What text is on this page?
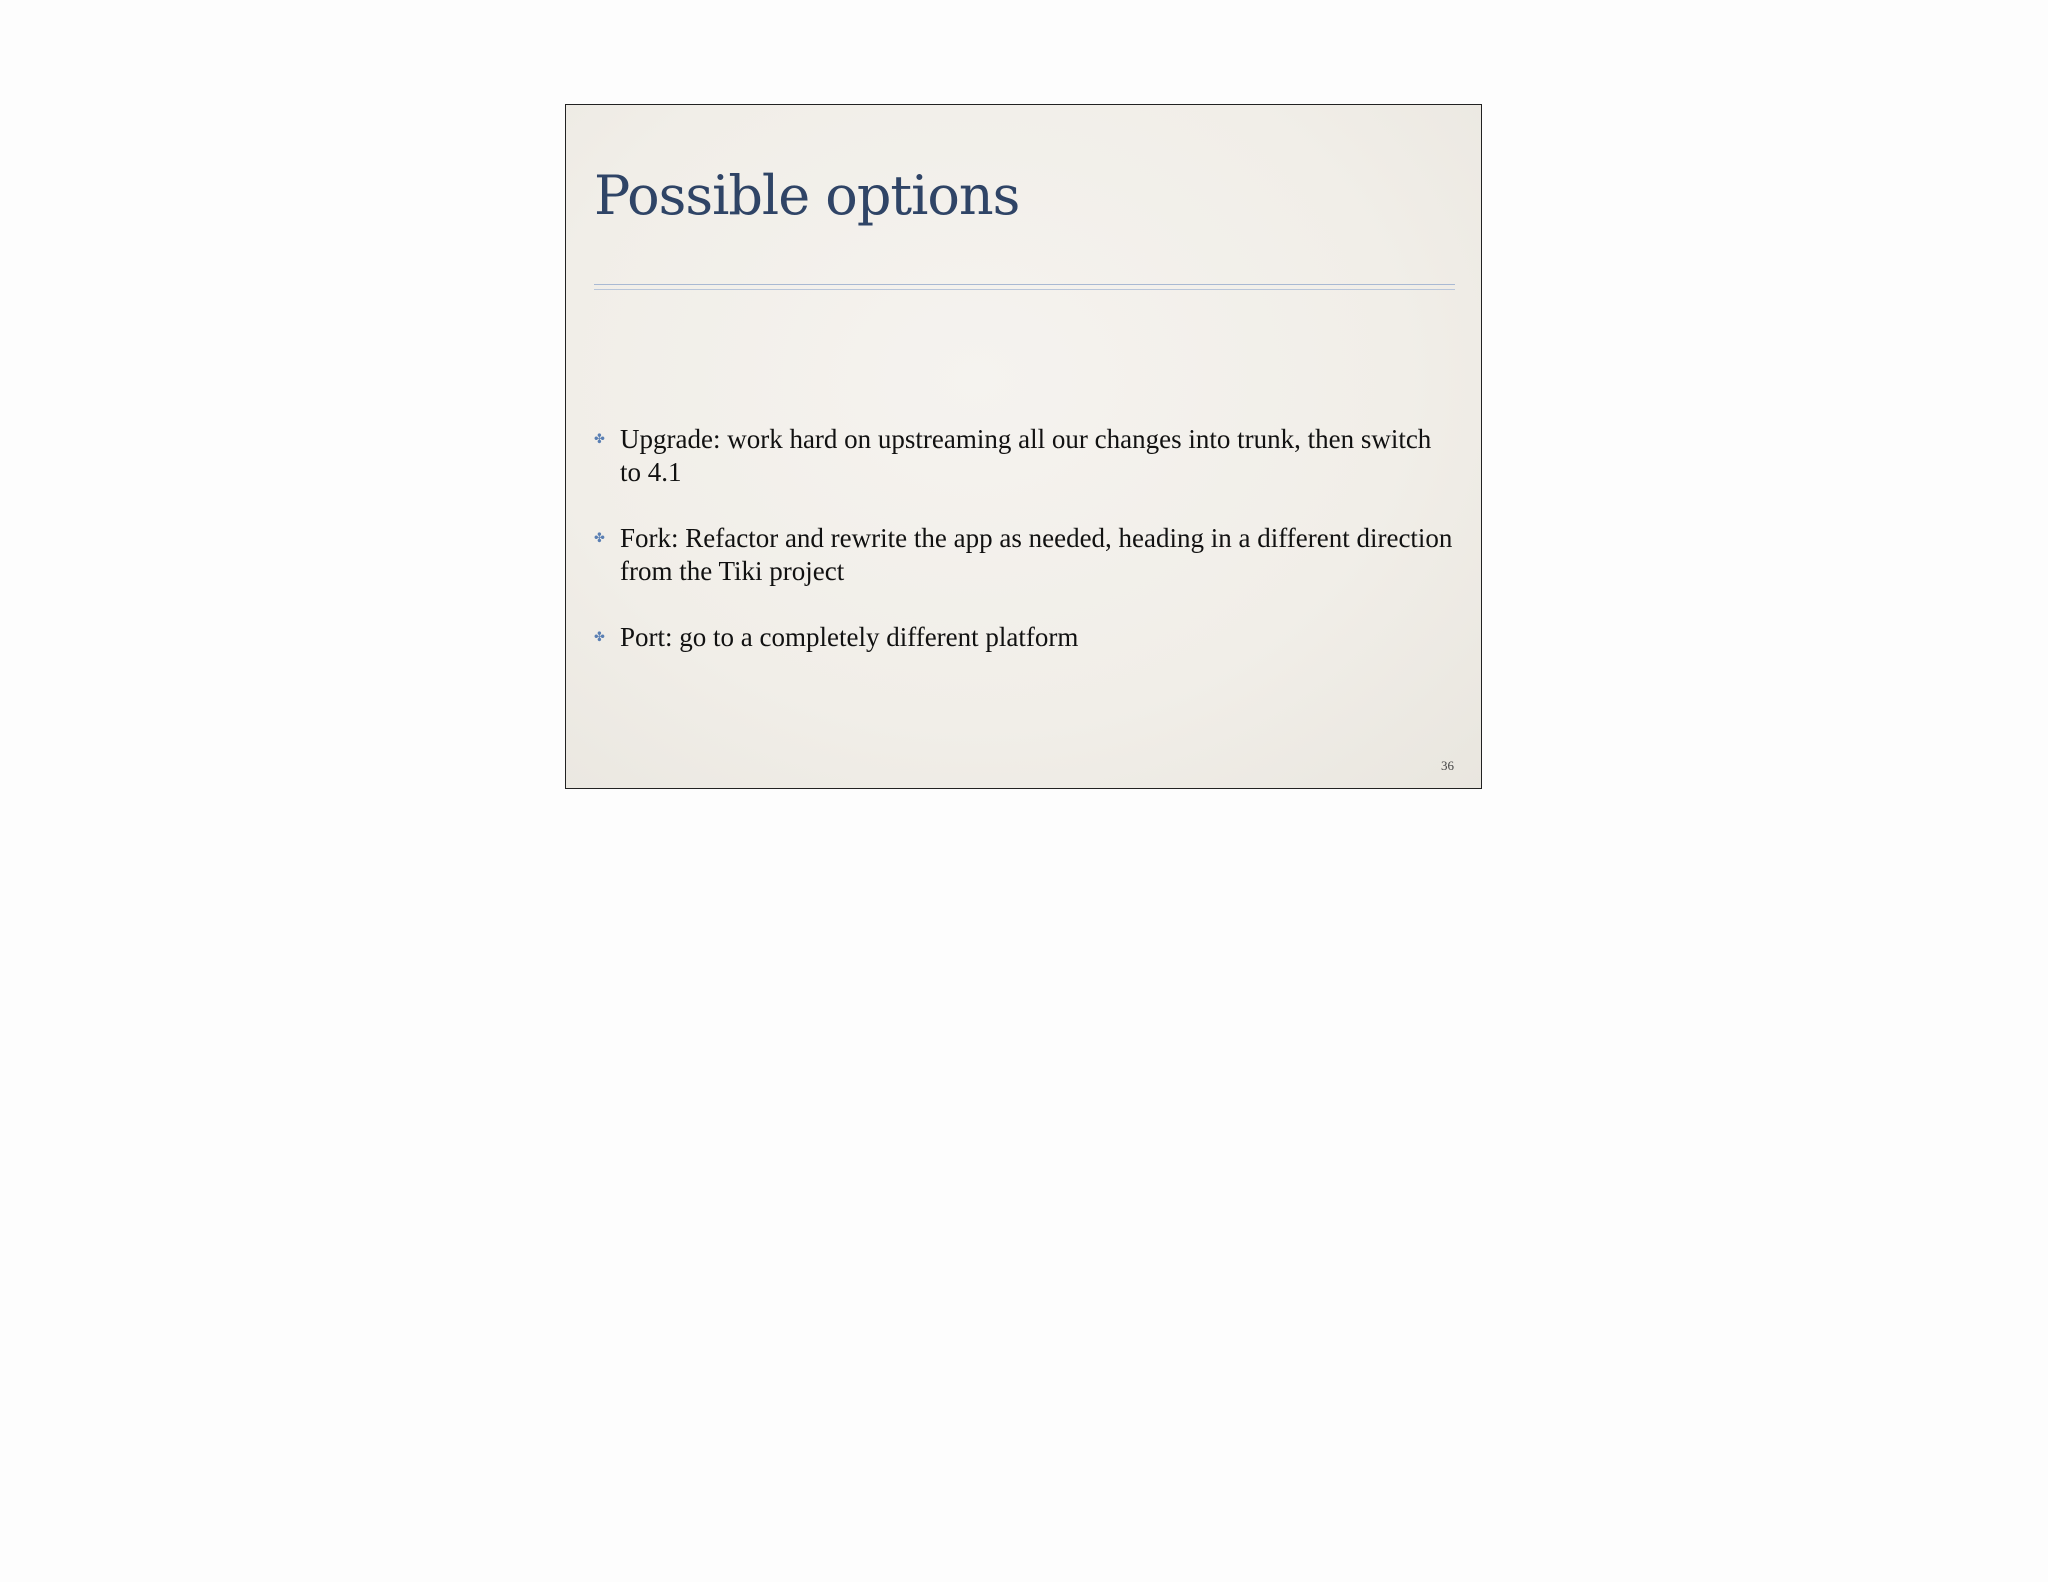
Possible options
✤ Upgrade: work hard on upstreaming all our changes into trunk, then switch to 4.1
✤ Fork: Refactor and rewrite the app as needed, heading in a different direction from the Tiki project
✤ Port: go to a completely different platform
36
